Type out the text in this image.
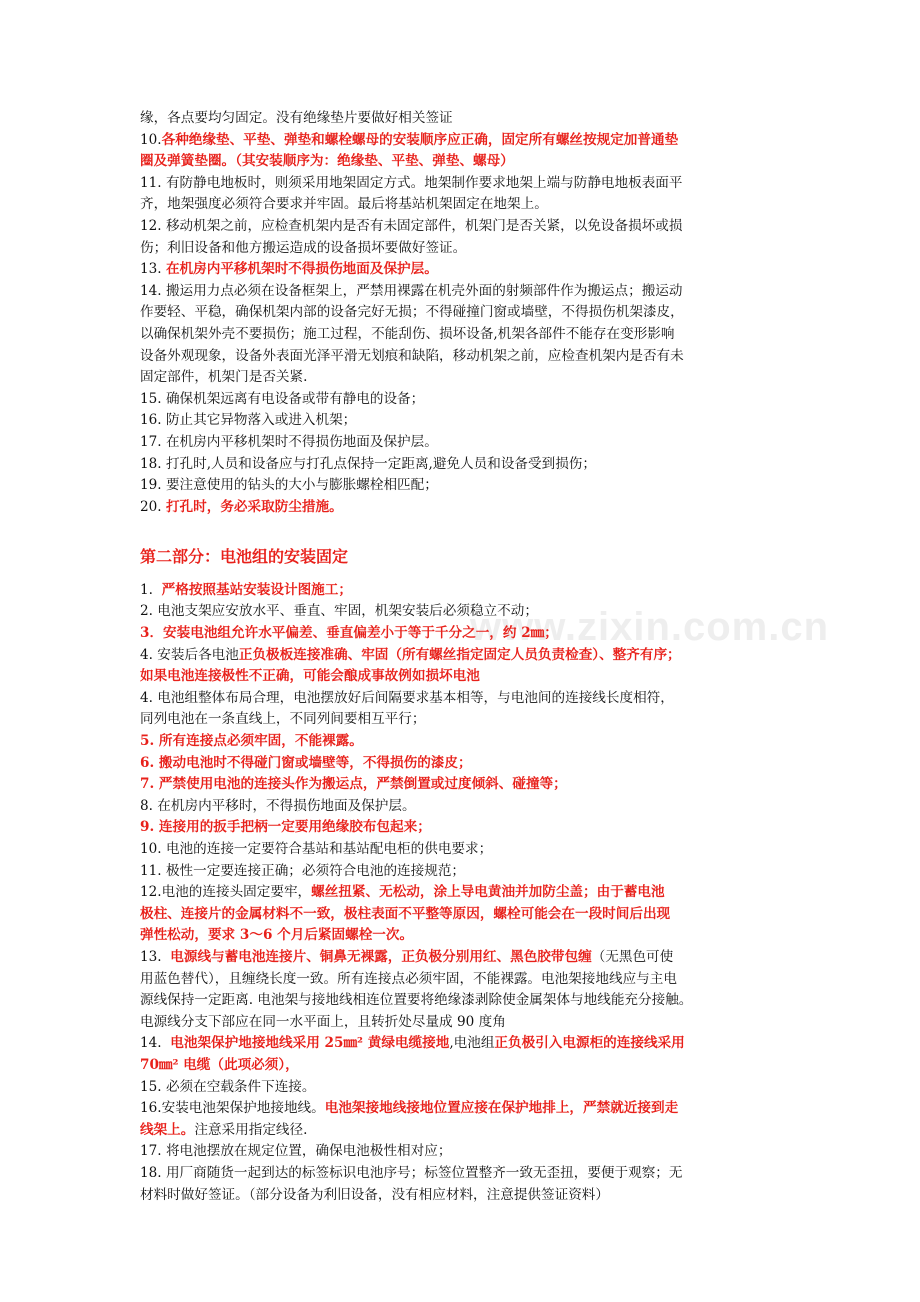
www.zixin.com.cn
缘，各点要均匀固定。没有绝缘垫片要做好相关签证
10.各种绝缘垫、平垫、弹垫和螺栓螺母的安装顺序应正确，固定所有螺丝按规定加普通垫
圈及弹簧垫圈。（其安装顺序为：绝缘垫、平垫、弹垫、螺母）
11. 有防静电地板时，则须采用地架固定方式。地架制作要求地架上端与防静电地板表面平
齐，地架强度必须符合要求并牢固。最后将基站机架固定在地架上。
12. 移动机架之前，应检查机架内是否有未固定部件，机架门是否关紧，以免设备损坏或损
伤；利旧设备和他方搬运造成的设备损坏要做好签证。
13. 在机房内平移机架时不得损伤地面及保护层。
14. 搬运用力点必须在设备框架上，严禁用裸露在机壳外面的射频部件作为搬运点；搬运动
作要轻、平稳，确保机架内部的设备完好无损；不得碰撞门窗或墙壁，不得损伤机架漆皮，
以确保机架外壳不要损伤；施工过程，不能刮伤、损坏设备,机架各部件不能存在变形影响
设备外观现象，设备外表面光泽平滑无划痕和缺陷，移动机架之前，应检查机架内是否有未
固定部件，机架门是否关紧.
15. 确保机架远离有电设备或带有静电的设备；
16. 防止其它异物落入或进入机架；
17. 在机房内平移机架时不得损伤地面及保护层。
18. 打孔时,人员和设备应与打孔点保持一定距离,避免人员和设备受到损伤；
19. 要注意使用的钻头的大小与膨胀螺栓相匹配；
20. 打孔时，务必采取防尘措施。
第二部分：电池组的安装固定
1. 严格按照基站安装设计图施工；
2. 电池支架应安放水平、垂直、牢固，机架安装后必须稳立不动；
3．安装电池组允许水平偏差、垂直偏差小于等于千分之一，约 2㎜；
4. 安装后各电池正负极板连接准确、牢固（所有螺丝指定固定人员负责检查）、整齐有序；
如果电池连接极性不正确，可能会酿成事故例如损坏电池
4. 电池组整体布局合理，电池摆放好后间隔要求基本相等，与电池间的连接线长度相符，
同列电池在一条直线上，不同列间要相互平行；
5. 所有连接点必须牢固，不能裸露。
6. 搬动电池时不得碰门窗或墙壁等，不得损伤的漆皮；
7. 严禁使用电池的连接头作为搬运点，严禁倒置或过度倾斜、碰撞等；
8. 在机房内平移时，不得损伤地面及保护层。
9. 连接用的扳手把柄一定要用绝缘胶布包起来；
10. 电池的连接一定要符合基站和基站配电柜的供电要求；
11. 极性一定要连接正确；必须符合电池的连接规范；
12.电池的连接头固定要牢，螺丝扭紧、无松动，涂上导电黄油并加防尘盖；由于蓄电池
极柱、连接片的金属材料不一致，极柱表面不平整等原因，螺栓可能会在一段时间后出现
弹性松动，要求 3～6 个月后紧固螺栓一次。
13. 电源线与蓄电池连接片、铜鼻无裸露，正负极分别用红、黑色胶带包缠（无黑色可使
用蓝色替代），且缠绕长度一致。所有连接点必须牢固，不能裸露。电池架接地线应与主电
源线保持一定距离. 电池架与接地线相连位置要将绝缘漆剥除使金属架体与地线能充分接触。
电源线分支下部应在同一水平面上，且转折处尽量成 90 度角
14. 电池架保护地接地线采用 25㎜² 黄绿电缆接地,电池组正负极引入电源柜的连接线采用
70㎜² 电缆（此项必须），
15. 必须在空载条件下连接。
16.安装电池架保护地接地线。电池架接地线接地位置应接在保护地排上，严禁就近接到走
线架上。注意采用指定线径.
17. 将电池摆放在规定位置，确保电池极性相对应；
18. 用厂商随货一起到达的标签标识电池序号；标签位置整齐一致无歪扭，要便于观察；无
材料时做好签证。（部分设备为利旧设备，没有相应材料，注意提供签证资料）
